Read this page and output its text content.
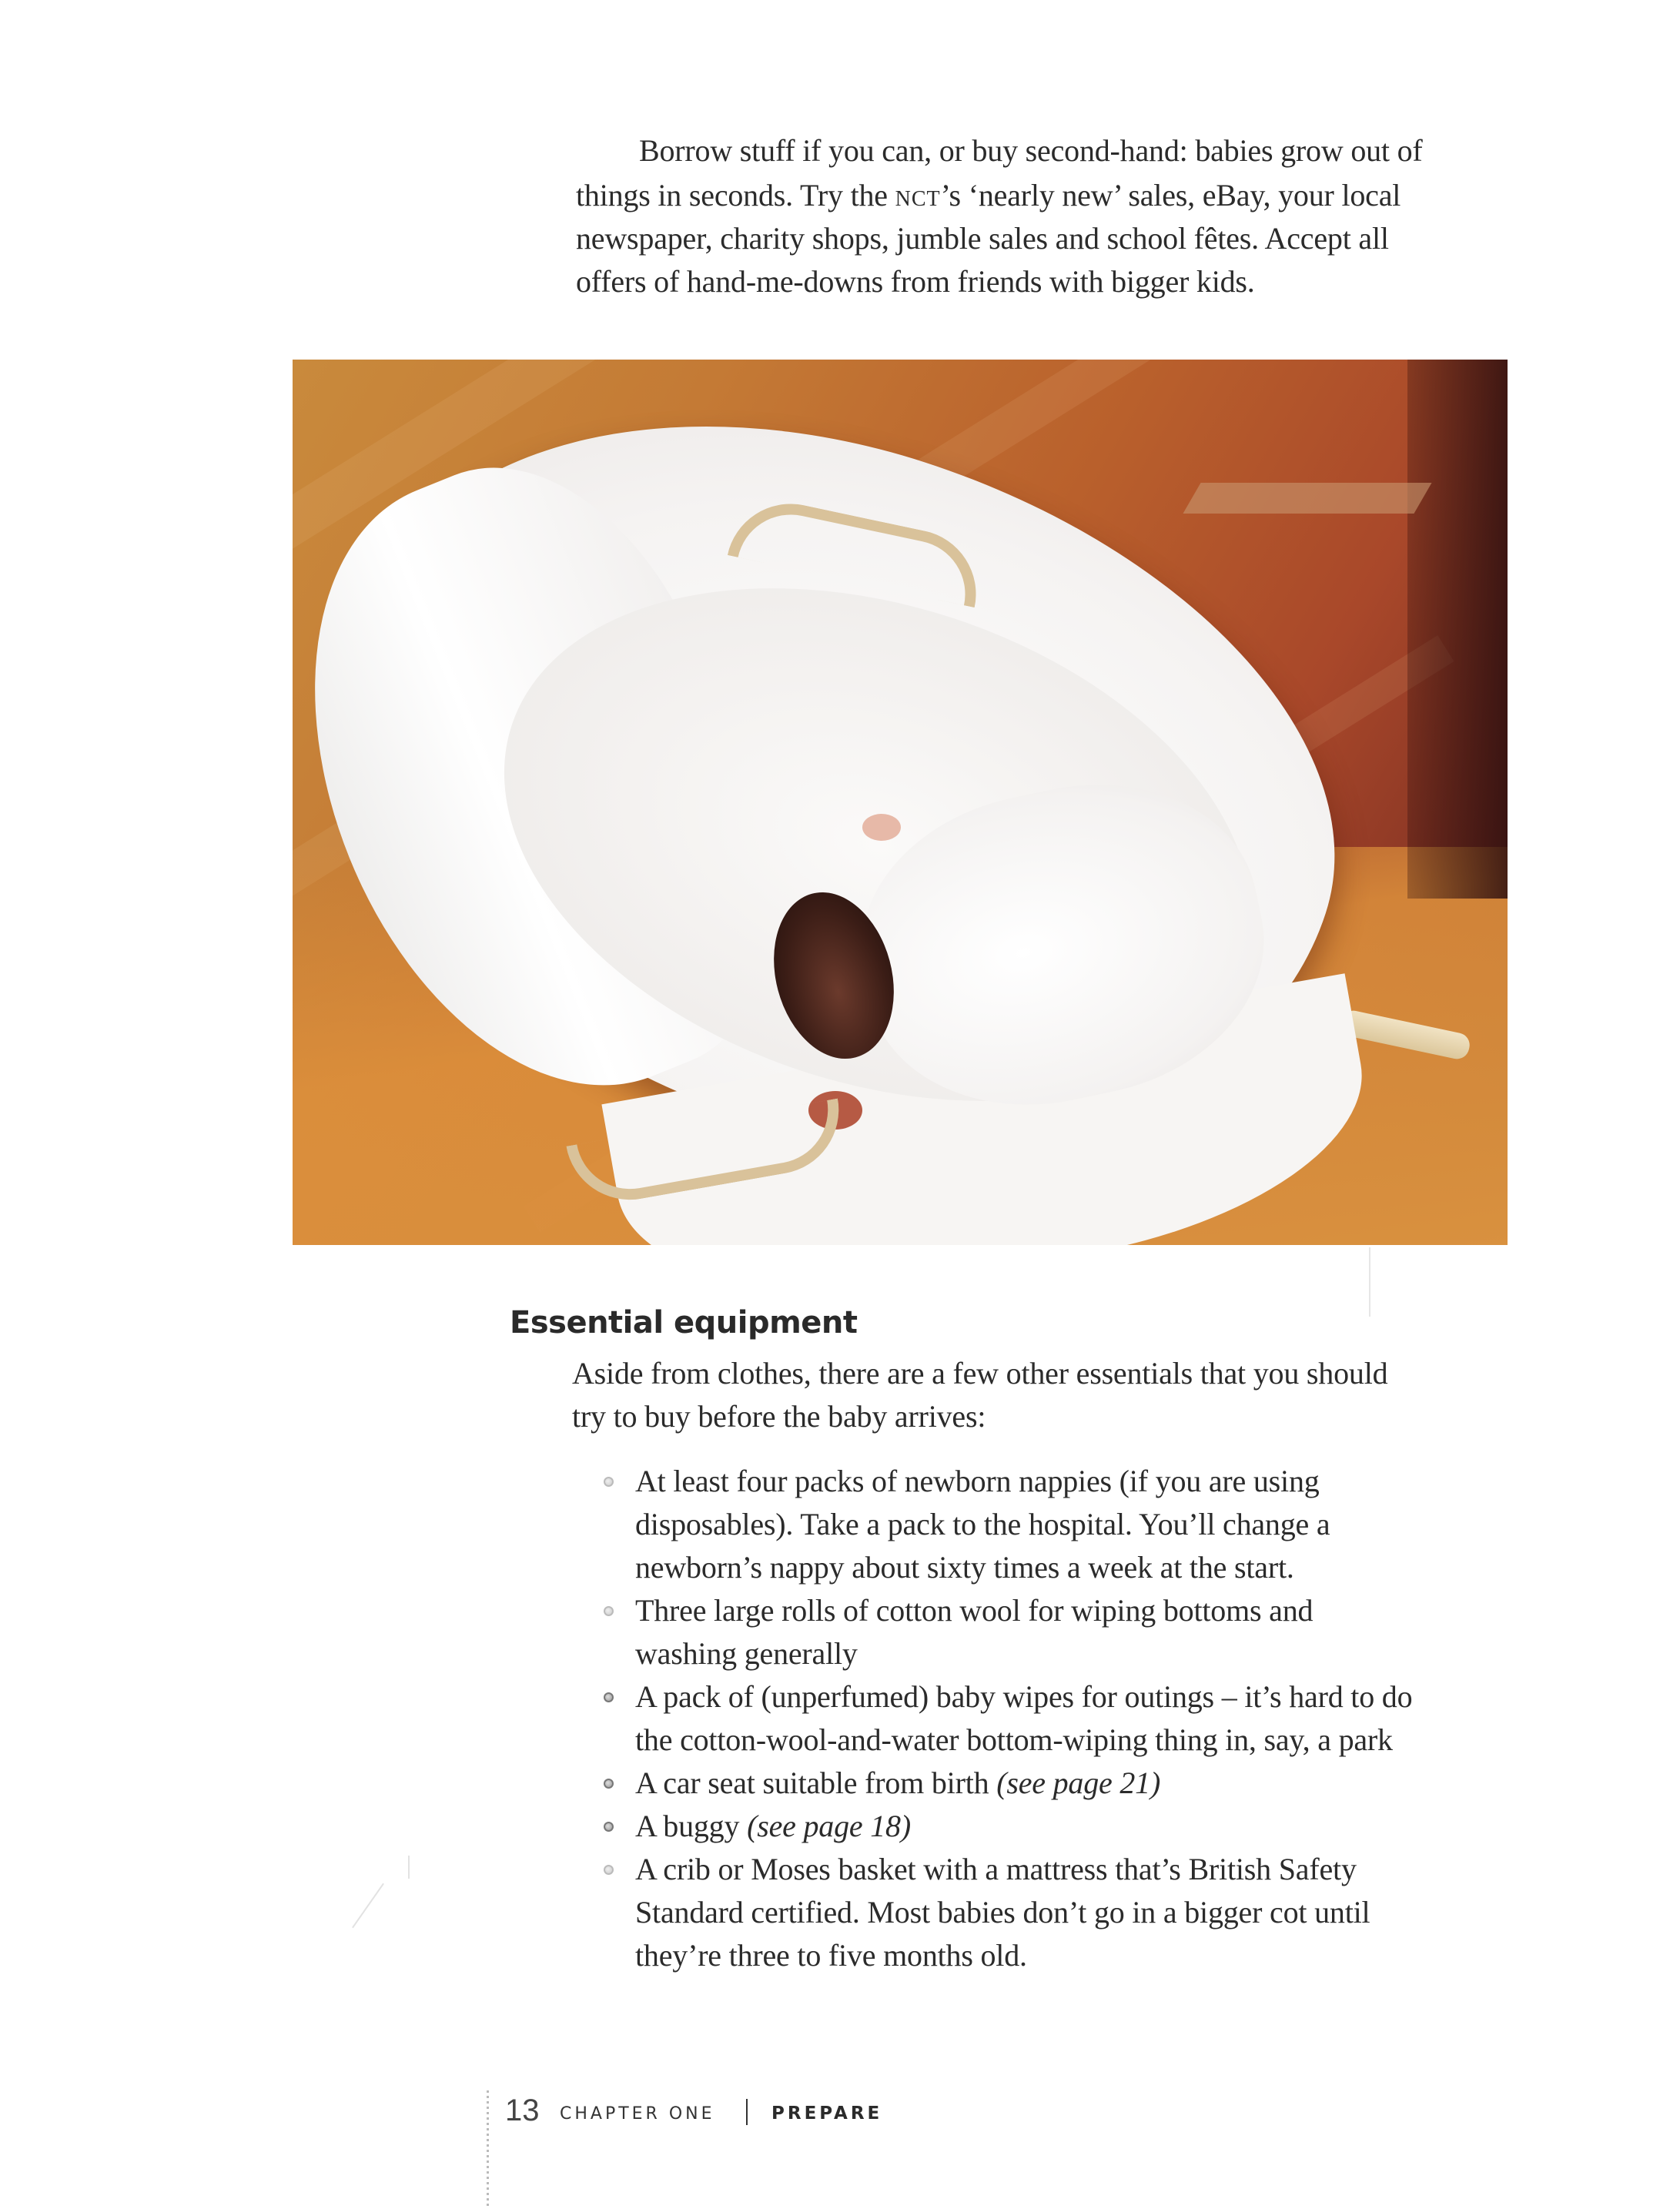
Borrow stuff if you can, or buy second-hand: babies grow out of
things in seconds. Try the nct’s ‘nearly new’ sales, eBay, your local
newspaper, charity shops, jumble sales and school fêtes. Accept all
offers of hand-me-downs from friends with bigger kids.
Essential equipment
Aside from clothes, there are a few other essentials that you should
try to buy before the baby arrives:
At least four packs of newborn nappies (if you are using
disposables). Take a pack to the hospital. You’ll change a
newborn’s nappy about sixty times a week at the start.
Three large rolls of cotton wool for wiping bottoms and
washing generally
A pack of (unperfumed) baby wipes for outings – it’s hard to do
the cotton-wool-and-water bottom-wiping thing in, say, a park
A car seat suitable from birth (see page 21)
A buggy (see page 18)
A crib or Moses basket with a mattress that’s British Safety
Standard certified. Most babies don’t go in a bigger cot until
they’re three to five months old.
13 CHAPTER ONE	PREPARE
